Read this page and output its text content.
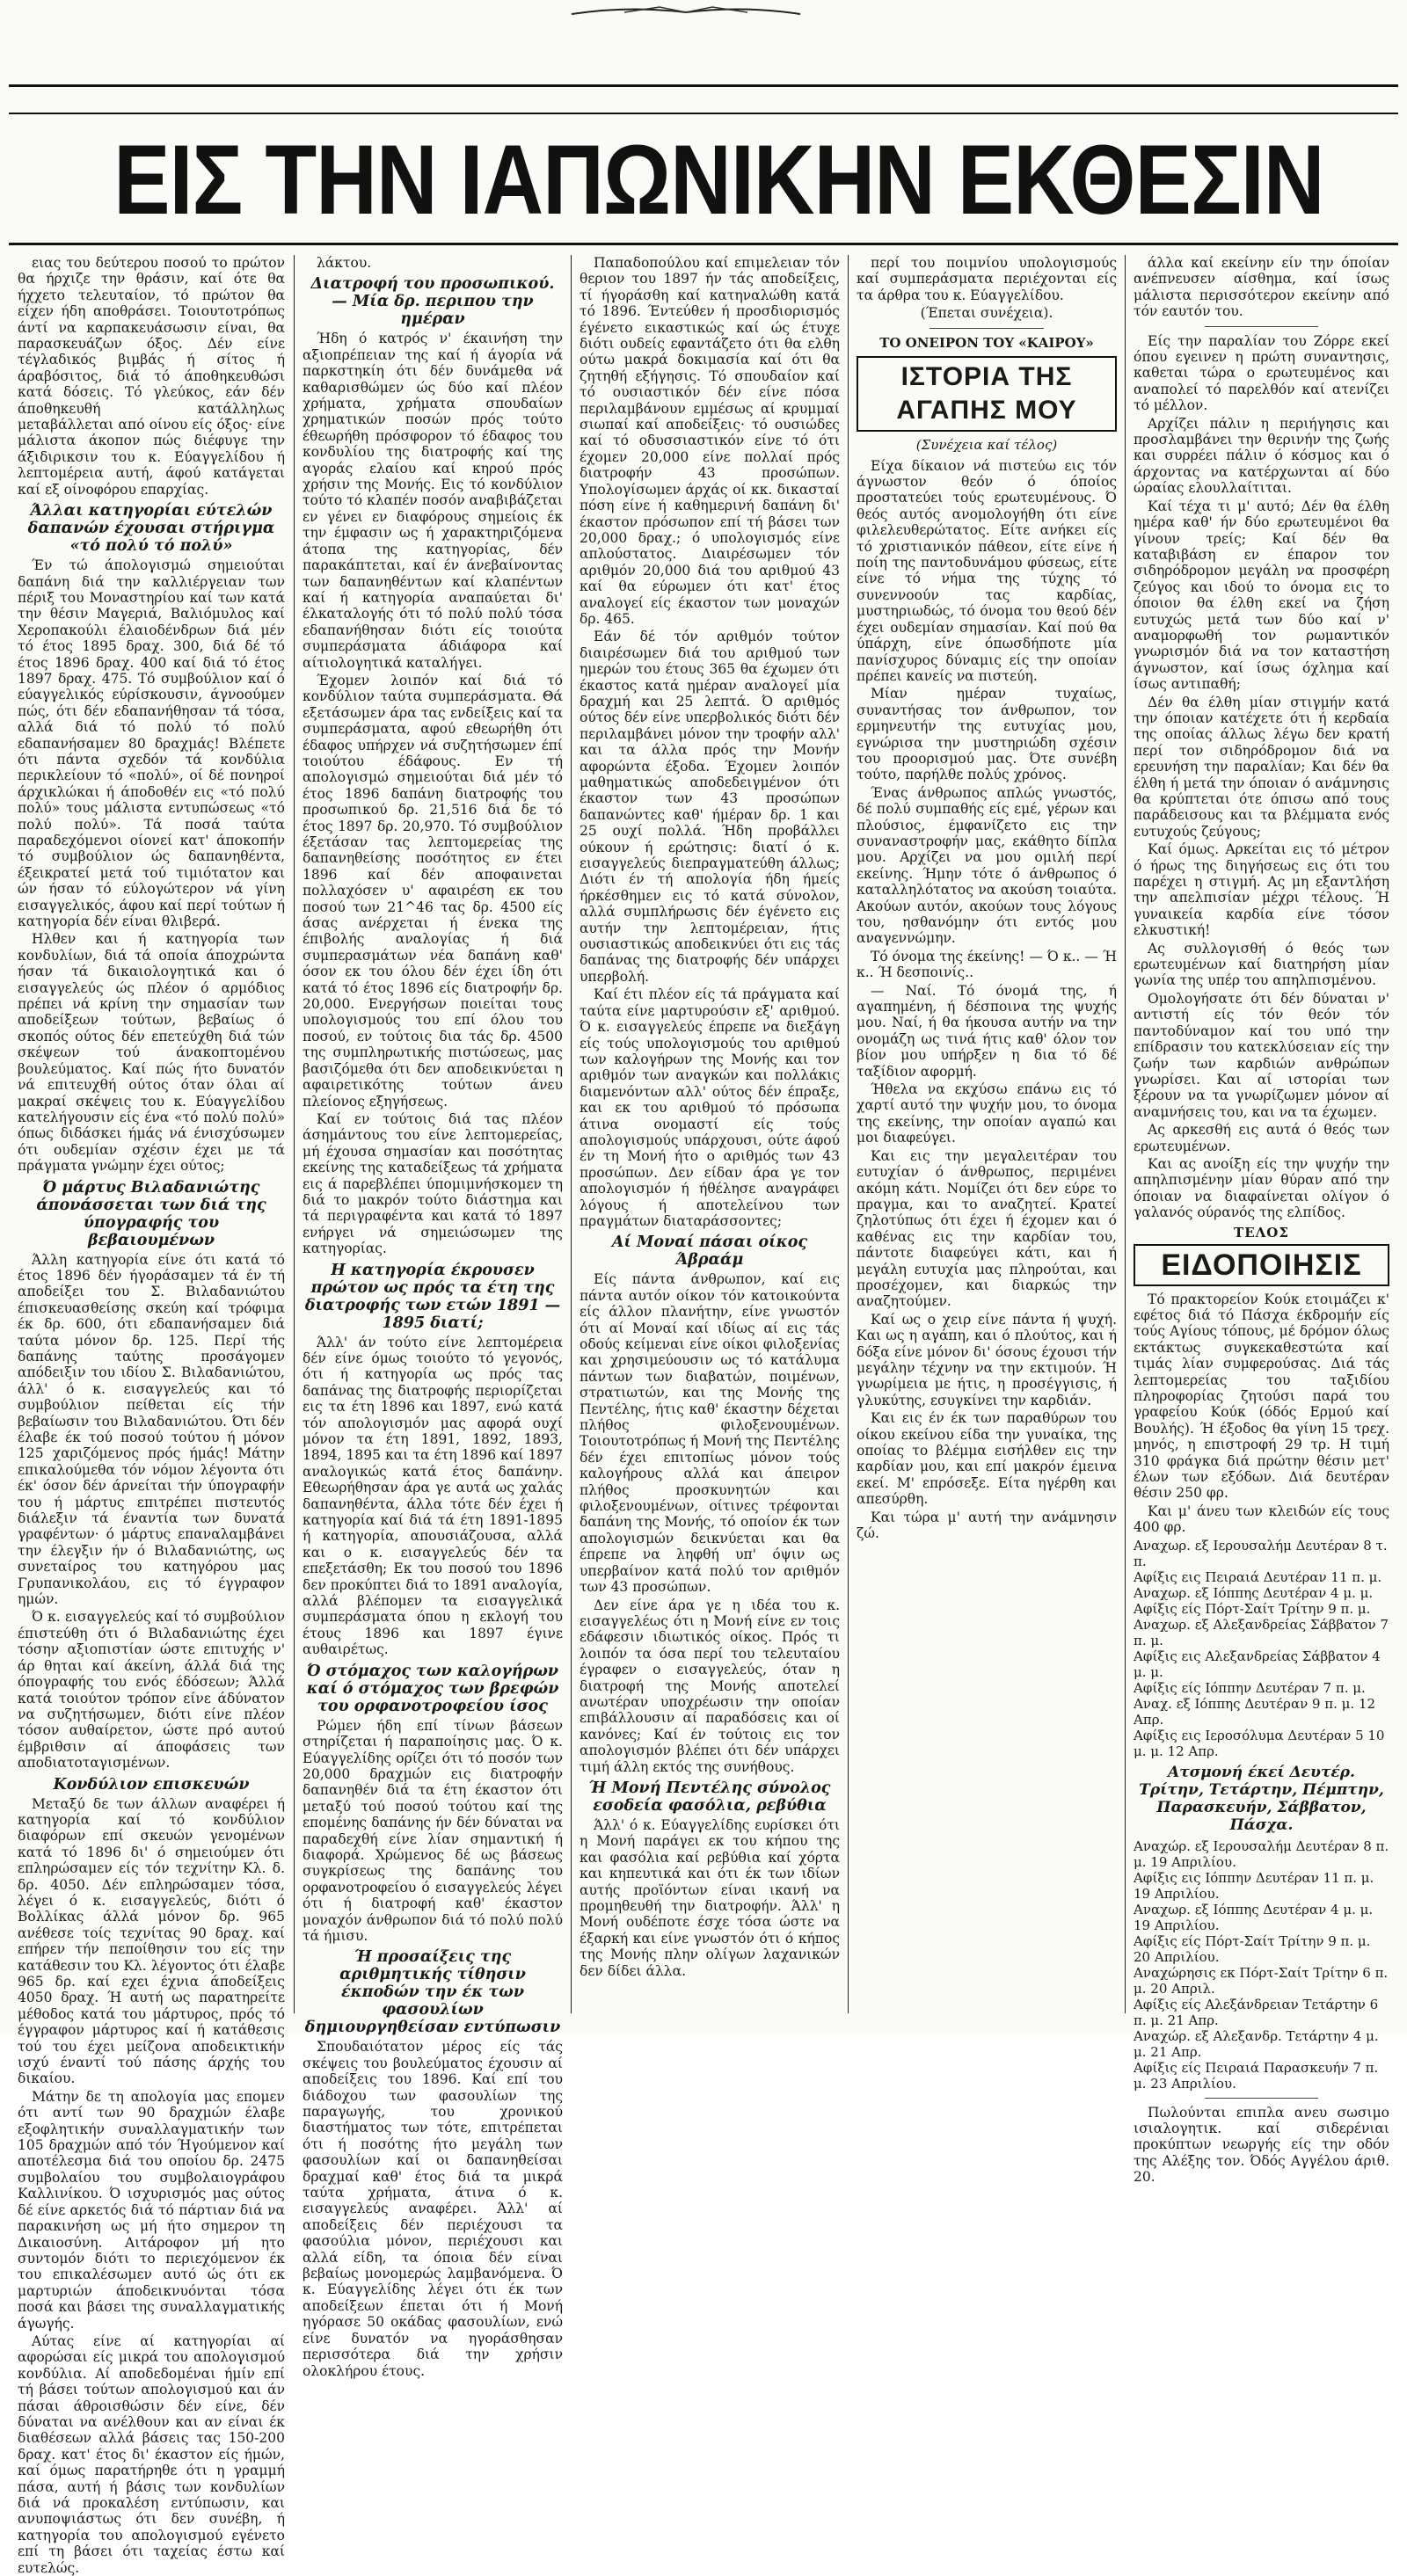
ΕΙΣ ΤΗΝ ΙΑΠΩΝΙΚΗΝ ΕΚΘΕΣΙΝ

ειας του δεύτερου ποσού το πρώτον θα ήρχιζε την θράσιν, καί ότε θα ήχχετο τελευταίον, τό πρώτον θα είχεν ήδη αποθράσει. Τοιουτοτρόπως άντί να καρπακευάσωσιν είναι, θα παρασκευάζων όξος. Δέν είνε τέγλαδικός βιμβάς ή σίτος ή άραβόσιτος, διά τό άποθηκευθώσι κατά δόσεις. Τό γλεύκος, εάν δέν άποθηκευθή κατάλληλως μεταβάλλεται από οίνου είς όξος· είνε μάλιστα άκοπον πώς διέφυγε την άξιδιρικσιν του κ. Εύαγγελίδου ή λεπτομέρεια αυτή, άφού κατάγεται καί εξ οίνοφόρου επαρχίας.

Άλλαι κατηγορίαι εύτελών δαπανών έχουσαι στήριγμα «τό πολύ τό πολύ»

Έν τώ άπολογισμώ σημειούται δαπάνη διά την καλλιέργειαν των πέριξ του Μοναστηρίου καί των κατά την θέσιν Μαγεριά, Βαλιόμυλος καί Χεροπακούλι έλαιοδένδρων διά μέν τό έτος 1895 δραχ. 300, διά δέ τό έτος 1896 δραχ. 400 καί διά τό έτος 1897 δραχ. 475. Τό συμβούλιον καί ό εύαγγελικός εύρίσκουσιν, άγνοούμεν πώς, ότι δέν εδαπανήθησαν τά τόσα, αλλά διά τό πολύ τό πολύ εδαπανήσαμεν 80 δραχμάς! Βλέπετε ότι πάντα σχεδόν τά κονδύλια περικλείουν τό «πολύ», οί δέ πονηροί άρχικλώκαι ή άποδοθέν εις «τό πολύ πολύ» τους μάλιστα εντυπώσεως «τό πολύ πολύ». Τά ποσά ταύτα παραδεχόμενοι οίονεί κατ' άποκοπήν τό συμβούλιον ώς δαπανηθέντα, έξεικρατεί μετά τού τιμιότατον και ών ήσαν τό εύλογώτερον νά γίνη εισαγγελικός, άφου καί περί τούτων ή κατηγορία δέν είναι θλιβερά.

Ηλθεν και ή κατηγορία των κονδυλίων, διά τά οποία άποχρώντα ήσαν τά δικαιολογητικά και ό εισαγγελεύς ώς πλέον ό αρμόδιος πρέπει νά κρίνη την σημασίαν των αποδείξεων τούτων, βεβαίως ό σκοπός ούτος δέν επετεύχθη διά τών σκέψεων τού άνακοπτομένου βουλεύματος. Καί πώς ήτο δυνατόν νά επιτευχθή ούτος όταν όλαι αί μακραί σκέψεις του κ. Εύαγγελίδου κατελήγουσιν είς ένα «τό πολύ πολύ» όπως διδάσκει ήμάς νά ένισχύσωμεν ότι ουδεμίαν σχέσιν έχει με τά πράγματα γνώμην έχει ούτος;

Ό μάρτυς Βιλαδανιώτης άπονάσσεται των διά της ύπογραφής του βεβαιουμένων

Άλλη κατηγορία είνε ότι κατά τό έτος 1896 δέν ήγοράσαμεν τά έν τή αποδείξει του Σ. Βιλαδανιώτου έπισκευασθείσης σκεύη καί τρόφιμα έκ δρ. 600, ότι εδαπανήσαμεν διά ταύτα μόνον δρ. 125. Περί τής δαπάνης ταύτης προσάγομεν απόδειξιν του ιδίου Σ. Βιλαδανιώτου, άλλ' ό κ. εισαγγελεύς και τό συμβούλιον πείθεται είς τήν βεβαίωσιν του Βιλαδανιώτου. Ότι δέν έλαβε έκ τού ποσού τούτου ή μόνον 125 χαριζόμενος πρός ήμάς! Μάτην επικαλούμεθα τόν νόμον λέγοντα ότι έκ' όσον δέν άρνείται τήν ύπογραφήν του ή μάρτυς επιτρέπει πιστευτός διάλεξιν τά έναντία των δυνατά γραφέντων· ό μάρτυς επαναλαμβάνει την έλεγξιν ήν ό Βιλαδανιώτης, ως συνεταίρος του κατηγόρου μας Γρυπανικολάου, εις τό έγγραφον ημών.

Ό κ. εισαγγελεύς καί τό συμβούλιον έπιστεύθη ότι ό Βιλαδανιώτης έχει τόσην αξιοπιστίαν ώστε επιτυχής ν' άρ θηται καί άκείνη, άλλά διά της όπογραφής του ενός έδόσεων; Άλλά κατά τοιούτον τρόπον είνε άδύνατον να συζητήσωμεν, διότι είνε πλέον τόσον αυθαίρετον, ώστε πρό αυτού έμβριθσιν αί άποφάσεις των αποδιατοταγισμένων.

Κονδύλιον επισκευών

Μεταξύ δε των άλλων αναφέρει ή κατηγορία καί τό κονδύλιον διαφόρων επί σκευών γενομένων κατά τό 1896 δι' ό σημειούμεν ότι επληρώσαμεν είς τόν τεχνίτην Κλ. δ. δρ. 4050. Δέν επληρώσαμεν τόσα, λέγει ό κ. εισαγγελεύς, διότι ό Βολλίκας άλλά μόνον δρ. 965 ανέθεσε τοίς τεχνίτας 90 δραχ. καί επήρεν τήν πεποίθησιν του είς την κατάθεσιν του Κλ. λέγοντος ότι έλαβε 965 δρ. καί εχει έχνια άποδείξεις 4050 δραχ. Ή αυτή ως παρατηρείτε μέθοδος κατά του μάρτυρος, πρός τό έγγραφον μάρτυρος καί ή κατάθεσις τού του έχει μείζονα αποδεικτικήν ισχύ έναντί τού πάσης άρχής του δικαίου.

Μάτην δε τη απολογία μας επομεν ότι αντί των 90 δραχμών έλαβε εξοφλητικήν συναλλαγματικήν των 105 δραχμών από τόν Ήγούμενον καί αποτέλεσμα διά του οποίου δρ. 2475 συμβολαίου του συμβολαιογράφου Καλλινίκου. Ό ισχυρισμός μας ούτος δέ είνε αρκετός διά τό πάρτιαν διά να παρακινήση ως μή ήτο σημερον τη Δικαιοσύνη. Αιτάροφον μή ητο συντομόν διότι το περιεχόμενον έκ του επικαλέσωμεν αυτό ώς ότι εκ μαρτυριών άποδεικνυόνται τόσα ποσά και βάσει της συναλλαγματικής άγωγής.

Αύτας είνε αί κατηγορίαι αί αφορώσαι είς μικρά του απολογισμού κονδύλια. Αί αποδεδομέναι ήμίν επί τή βάσει τούτων απολογισμού και άν πάσαι άθροισθώσιν δέν είνε, δέν δύναται να ανέλθουν και αν είναι έκ διαθέσεων αλλά βάσεις τας 150-200 δραχ. κατ' έτος δι' έκαστον είς ήμών, καί όμως παρατήρηθε ότι η γραμμή πάσα, αυτή ή βάσις των κονδυλίων διά νά προκαλέση εντύπωσιν, και ανυποψιάστως ότι δεν συνέβη, ή κατηγορία του απολογισμού εγένετο επί τη βάσει ότι ταχείας έστω καί ευτελώς.

λάκτου.

Διατροφή του προσωπικού. — Μία δρ. περιπου την ημέραν

Ήδη ό κατρός ν' έκαινήση την αξιοπρέπειαν της καί ή άγορία νά παρκστηκίη ότι δέν δυνάμεθα νά καθαρισθώμεν ώς δύο καί πλέον χρήματα, χρήματα σπουδαίων χρηματικών ποσών πρός τούτο έθεωρήθη πρόσφορον τό έδαφος του κονδυλίου της διατροφής καί της αγοράς ελαίου καί κηρού πρός χρήσιν της Μονής. Εις τό κονδύλιον τούτο τό κλαπέν ποσόν αναβιβάζεται εν γένει εν διαφόρους σημείοις έκ την έμφασιν ως ή χαρακτηριζόμενα άτοπα της κατηγορίας, δέν παρακάπτεται, καί έν άνεβαίνοντας των δαπανηθέντων καί κλαπέντων καί ή κατηγορία αναπαύεται δι' έλκαταλογής ότι τό πολύ πολύ τόσα εδαπανήθησαν διότι είς τοιούτα συμπεράσματα άδιάφορα καί αίτιολογητικά καταλήγει.

Έχομεν λοιπόν καί διά τό κονδύλιον ταύτα συμπεράσματα. Θά εξετάσωμεν άρα τας ενδείξεις καί τα συμπεράσματα, αφού εθεωρήθη ότι έδαφος υπήρχεν νά συζητήσωμεν έπί τοιούτου έδάφους. Εν τή απολογισμώ σημειούται διά μέν τό έτος 1896 δαπάνη διατροφής του προσωπικού δρ. 21,516 διά δε τό έτος 1897 δρ. 20,970. Τό συμβούλιον έξετάσαν τας λεπτομερείας της δαπανηθείσης ποσότητος εν έτει 1896 καί δέν αποφαινεται πολλαχόσεν υ' αφαιρέση εκ του ποσού των 21^46 τας δρ. 4500 είς άσας ανέρχεται ή ένεκα της έπιβολής αναλογίας ή διά συμπερασμάτων νέα δαπάνη καθ' όσον εκ του όλου δέν έχει ίδη ότι κατά τό έτος 1896 είς διατροφήν δρ. 20,000. Ενεργήσων ποιείται τους υπολογισμούς του επί όλου του ποσού, εν τούτοις δια τάς δρ. 4500 της συμπληρωτικής πιστώσεως, μας βασιζόμεθα ότι δεν αποδεικνύεται η αφαιρετικότης τούτων άνευ πλείονος εξηγήσεως.

Καί εν τούτοις διά τας πλέον άσημάντους του είνε λεπτομερείας, μή έχουσα σημασίαν και ποσότητας εκείνης της καταδείξεως τά χρήματα εις ά παρεβλέπει ύπομιμνήσκομεν τη διά το μακρόν τούτο διάστημα και τά περιγραφέντα και κατά τό 1897 ενήργει νά σημειώσωμεν της κατηγορίας.

Η κατηγορία έκρουσεν πρώτον ως πρός τα έτη της διατροφής των ετών 1891 — 1895 διατί;

Άλλ' άν τούτο είνε λεπτομέρεια δέν είνε όμως τοιούτο τό γεγονός, ότι ή κατηγορία ως πρός τας δαπάνας της διατροφής περιορίζεται εις τα έτη 1896 και 1897, ενώ κατά τόν απολογισμόν μας αφορά ουχί μόνον τα έτη 1891, 1892, 1893, 1894, 1895 και τα έτη 1896 καί 1897 αναλογικώς κατά έτος δαπάνην. Εθεωρήθησαν άρα γε αυτά ως χαλάς δαπανηθέντα, άλλα τότε δέν έχει ή κατηγορία καί διά τά έτη 1891-1895 ή κατηγορία, απουσιάζουσα, αλλά και ο κ. εισαγγελεύς δέν τα επεξετάσθη; Εκ του ποσού του 1896 δεν προκύπτει διά το 1891 αναλογία, αλλά βλέπομεν τα εισαγγελικά συμπεράσματα όπου η εκλογή του έτους 1896 και 1897 έγινε αυθαιρέτως.

Ό στόμαχος των καλογήρων καί ό στόμαχος των βρεφών του ορφανοτροφείου ίσος

Ρώμεν ήδη επί τίνων βάσεων στηρίζεται ή παραποίησις μας. Ό κ. Εύαγγελίδης ορίζει ότι τό ποσόν των 20,000 δραχμών εις διατροφήν δαπανηθέν διά τα έτη έκαστον ότι μεταξύ τού ποσού τούτου καί της επομένης δαπάνης ήν δέν δύναται να παραδεχθή είνε λίαν σημαντική ή διαφορά. Χρώμενος δέ ως βάσεως συγκρίσεως της δαπάνης του ορφανοτροφείου ό εισαγγελεύς λέγει ότι ή διατροφή καθ' έκαστον μοναχόν άνθρωπον διά τό πολύ πολύ τά ήμισυ.

Ή προσαίξεις της αριθμητικής τίθησιν έκποδών την έκ των φασουλίων δημιουργηθείσαν εντύπωσιν

Σπουδαιότατον μέρος είς τάς σκέψεις του βουλεύματος έχουσιν αί αποδείξεις του 1896. Καί επί του διάδοχου των φασουλίων της παραγωγής, του χρονικού διαστήματος των τότε, επιτρέπεται ότι ή ποσότης ήτο μεγάλη των φασουλίων καί οι δαπανηθείσαι δραχμαί καθ' έτος διά τα μικρά ταύτα χρήματα, άτινα ό κ. εισαγγελεύς αναφέρει. Άλλ' αί αποδείξεις δέν περιέχουσι τα φασούλια μόνον, περιέχουσι και αλλά είδη, τα όποια δέν είναι βεβαίως μονομερώς λαμβανόμενα. Ό κ. Εύαγγελίδης λέγει ότι έκ των αποδείξεων έπεται ότι ή Μονή ηγόρασε 50 οκάδας φασουλίων, ενώ είνε δυνατόν να ηγοράσθησαν περισσότερα διά την χρήσιν ολοκλήρου έτους.

Παπαδοπούλου καί επιμελειαν τόν θεριον του 1897 ήν τάς αποδείξεις, τί ήγοράσθη καί κατηναλώθη κατά τό 1896. Έντεύθεν ή προσδιορισμός έγένετο εικαστικώς καί ώς έτυχε διότι ουδείς εφαντάζετο ότι θα ελθη ούτω μακρά δοκιμασία καί ότι θα ζητηθή εξήγησις. Τό σπουδαίον καί τό ουσιαστικόν δέν είνε πόσα περιλαμβάνουν εμμέσως αί κρυμμαί σιωπαί καί αποδείξεις· τό ουσιώδες καί τό οδυσσιαστικόν είνε τό ότι έχομεν 20,000 είνε πολλαί πρός διατροφήν 43 προσώπων. Υπολογίσωμεν άρχάς οί κκ. δικασταί πόση είνε ή καθημερινή δαπάνη δι' έκαστον πρόσωπον επί τή βάσει των 20,000 δραχ.; ό υπολογισμός είνε απλούστατος. Διαιρέσωμεν τόν αριθμόν 20,000 διά του αριθμού 43 καί θα εύρωμεν ότι κατ' έτος αναλογεί είς έκαστον των μοναχών δρ. 465.

Εάν δέ τόν αριθμόν τούτον διαιρέσωμεν διά του αριθμού των ημερών του έτους 365 θα έχωμεν ότι έκαστος κατά ημέραν αναλογεί μία δραχμή και 25 λεπτά. Ό αριθμός ούτος δέν είνε υπερβολικός διότι δέν περιλαμβάνει μόνον την τροφήν αλλ' και τα άλλα πρός την Μονήν αφορώντα έξοδα. Έχομεν λοιπόν μαθηματικώς αποδεδειγμένον ότι έκαστον των 43 προσώπων δαπανώντες καθ' ήμέραν δρ. 1 και 25 ουχί πολλά. Ήδη προβάλλει ούκουν ή ερώτησις: διατί ό κ. εισαγγελεύς διεπραγματεύθη άλλως; Διότι έν τή απολογία ήδη ήμείς ήρκέσθημεν εις τό κατά σύνολον, αλλά συμπλήρωσις δέν έγένετο εις αυτήν την λεπτομέρειαν, ήτις ουσιαστικώς αποδεικνύει ότι εις τάς δαπάνας της διατροφής δέν υπάρχει υπερβολή.

Καί έτι πλέον είς τά πράγματα καί ταύτα είνε μαρτυρούσιν εξ' αριθμού. Ό κ. εισαγγελεύς έπρεπε να διεξάγη είς τούς υπολογισμούς του αριθμού των καλογήρων της Μονής και τον αριθμόν των αναγκών και πολλάκις διαμενόντων αλλ' ούτος δέν έπραξε, και εκ του αριθμού τό πρόσωπα άτινα ονομαστί είς τούς απολογισμούς υπάρχουσι, ούτε άφού έν τη Μονή ήτο ο αριθμός των 43 προσώπων. Δεν είδαν άρα γε τον απολογισμόν ή ήθέλησε αναγράφει λόγους ή αποτελείνου των πραγμάτων διαταράσσοντες;

Αί Μοναί πάσαι οίκος Άβραάμ

Είς πάντα άνθρωπον, καί εις πάντα αυτόν οίκον τόν κατοικούντα είς άλλον πλανήτην, είνε γνωστόν ότι αί Μοναί καί ιδίως αί εις τάς οδούς κείμεναι είνε οίκοι φιλοξενίας και χρησιμεύουσιν ως τό κατάλυμα πάντων των διαβατών, ποιμένων, στρατιωτών, και της Μονής της Πεντέλης, ήτις καθ' έκαστην δέχεται πλήθος φιλοξενουμένων. Τοιουτοτρόπως ή Μονή της Πεντέλης δέν έχει επιτοπίως μόνον τούς καλογήρους αλλά και άπειρον πλήθος προσκυνητών και φιλοξενουμένων, οίτινες τρέφονται δαπάνη της Μονής, τό οποίον έκ των απολογισμών δεικνύεται και θα έπρεπε να ληφθή υπ' όψιν ως υπερβαίνον κατά πολύ τον αριθμόν των 43 προσώπων.

Δεν είνε άρα γε η ιδέα του κ. εισαγγελέως ότι η Μονή είνε εν τοις εδάφεσιν ιδιωτικός οίκος. Πρός τι λοιπόν τα όσα περί του τελευταίου έγραφεν ο εισαγγελεύς, όταν η διατροφή της Μονής αποτελεί ανωτέραν υποχρέωσιν την οποίαν επιβάλλουσιν αί παραδόσεις και οί κανόνες; Καί έν τούτοις εις τον απολογισμόν βλέπει ότι δέν υπάρχει τιμή άλλη εκτός της συνήθους.

Ή Μονή Πεντέλης σύνολος εσοδεία φασόλια, ρεβύθια

Άλλ' ό κ. Εύαγγελίδης ευρίσκει ότι η Μονή παράγει εκ του κήπου της και φασόλια καί ρεβύθια καί χόρτα και κηπευτικά και ότι έκ των ιδίων αυτής προϊόντων είναι ικανή να προμηθευθή την διατροφήν. Άλλ' η Μονή ουδέποτε έσχε τόσα ώστε να έξαρκή και είνε γνωστόν ότι ό κήπος της Μονής πλην ολίγων λαχανικών δεν δίδει άλλα.

περί του ποιμνίου υπολογισμούς καί συμπεράσματα περιέχονται είς τα άρθρα του κ. Εύαγγελίδου.

(Έπεται συνέχεια).

ΤΟ ΟΝΕΙΡΟΝ ΤΟΥ «ΚΑΙΡΟΥ»
ΙΣΤΟΡΙΑ ΤΗΣ ΑΓΑΠΗΣ ΜΟΥ
(Συνέχεια καί τέλος)

Είχα δίκαιον νά πιστεύω εις τόν άγνωστον θεόν ό όποίος προστατεύει τούς ερωτευμένους. Ό θεός αυτός ανομολογήθη ότι είνε φιλελευθερώτατος. Είτε ανήκει είς τό χριστιανικόν πάθεον, είτε είνε ή ποίη της παντοδυνάμου φύσεως, είτε είνε τό νήμα της τύχης τό συνεννοούν τας καρδίας, μυστηριωδώς, τό όνομα του θεού δέν έχει ουδεμίαν σημασίαν. Καί πού θα ύπάρχη, είνε όπωσδήποτε μία πανίσχυρος δύναμις είς την οποίαν πρέπει κανείς να πιστεύη.

Μίαν ημέραν τυχαίως, συναντήσας τον άνθρωπον, τον ερμηνευτήν της ευτυχίας μου, εγνώρισα την μυστηριώδη σχέσιν του προορισμού μας. Ότε συνέβη τούτο, παρήλθε πολύς χρόνος.

Ένας άνθρωπος απλώς γνωστός, δέ πολύ συμπαθής είς εμέ, γέρων και πλούσιος, έμφανίζετο εις την συναναστροφήν μας, εκάθητο δίπλα μου. Αρχίζει να μου ομιλή περί εκείνης. Ήμην τότε ό άνθρωπος ό καταλληλότατος να ακούση τοιαύτα. Ακούων αυτόν, ακούων τους λόγους του, ησθανόμην ότι εντός μου αναγεννώμην.

Τό όνομα της έκείνης! — Ό κ.. — Ή κ.. Ή δεσποινίς..

— Ναί. Τό όνομά της, ή αγαπημένη, ή δέσποινα της ψυχής μου. Ναί, ή θα ήκουσα αυτήν να την ονομάζη ως τινά ήτις καθ' όλον τον βίον μου υπήρξεν η δια τό δέ ταξίδιον αφορμή.

Ήθελα να εκχύσω επάνω εις τό χαρτί αυτό την ψυχήν μου, το όνομα της εκείνης, την οποίαν αγαπώ και μοι διαφεύγει.

Και εις την μεγαλειτέραν του ευτυχίαν ό άνθρωπος, περιμένει ακόμη κάτι. Νομίζει ότι δεν εύρε το πραγμα, και το αναζητεί. Κρατεί ζηλοτύπως ότι έχει ή έχομεν και ό καθένας εις την καρδίαν του, πάντοτε διαφεύγει κάτι, και ή μεγάλη ευτυχία μας πληρούται, και προσέχομεν, και διαρκώς την αναζητούμεν.

Καί ως ο χειρ είνε πάντα ή ψυχή. Και ως η αγάπη, και ό πλούτος, και ή δόξα είνε μόνον δι' όσους έχουσι τήν μεγάλην τέχνην να την εκτιμούν. Ή γνωρίμεια με ήτις, η προσέγγισις, ή γλυκύτης, εσυγκίνει την καρδιάν.

Και εις έν έκ των παραθύρων του οίκου εκείνου είδα την γυναίκα, της οποίας το βλέμμα εισήλθεν εις την καρδίαν μου, και επί μακρόν έμεινα εκεί. Μ' επρόσεξε. Είτα ηγέρθη και απεσύρθη.

Και τώρα μ' αυτή την ανάμνησιν ζώ.

άλλα καί εκείνην είν την όποίαν ανέπνευσεν αίσθημα, καί ίσως μάλιστα περισσότερον εκείνην από τόν εαυτόν του.

Είς την παραλίαν του Ζόρρε εκεί όπου εγεινεν η πρώτη συναντησις, καθεται τώρα ο ερωτευμένος και αναπολεί τό παρελθόν καί ατενίζει τό μέλλον.

Αρχίζει πάλιν η περιήγησις και προσλαμβάνει την θερινήν της ζωής και συρρέει πάλιν ό κόσμος και ό άρχοντας να κατέρχωνται αί δύο ώραίας ελουλλαίτιται.

Καί τέχα τι μ' αυτό; Δέν θα έλθη ημέρα καθ' ήν δύο ερωτευμένοι θα γίνουν τρείς; Καί δέν θα καταβιβάση εν έπαρον τον σιδηρόδρομον μεγάλη να προσφέρη ζεύγος και ιδού το όνομα εις το όποιον θα έλθη εκεί να ζήση ευτυχώς μετά των δύο καί ν' αναμορφωθή τον ρωμαντικόν γνωρισμόν διά να τον καταστήση άγνωστον, καί ίσως όχλημα καί ίσως αντιπαθή;

Δέν θα έλθη μίαν στιγμήν κατά την όποιαν κατέχετε ότι ή κερδαία της οποίας άλλως λέγω δεν κρατή περί τον σιδηρόδρομον διά να ερευνήση την παραλίαν; Και δέν θα έλθη ή μετά την όποιαν ό ανάμνησις θα κρύπτεται ότε όπισω από τους παράδεισους και τα βλέμματα ενός ευτυχούς ζεύγους;

Καί όμως. Αρκείται εις τό μέτρον ό ήρως της διηγήσεως εις ότι του παρέχει η στιγμή. Ας μη εξαντλήση την απελπισίαν μέχρι τέλους. Ή γυναικεία καρδία είνε τόσον ελκυστική!

Ας συλλογισθή ό θεός των ερωτευμένων καί διατηρήση μίαν γωνία της υπέρ του απηλπισμένου.

Ομολογήσατε ότι δέν δύναται ν' αντιστή είς τόν θεόν τόν παντοδύναμον καί του υπό την επίδρασιν του κατεκλύσειαν είς την ζωήν των καρδιών ανθρώπων γνωρίσει. Και αί ιστορίαι των ξέρουν να τα γνωρίζωμεν μόνον αί αναμνήσεις του, και να τα έχωμεν.

Ας αρκεσθή εις αυτά ό θεός των ερωτευμένων.

Και ας ανοίξη είς την ψυχήν την απηλπισμένην μίαν θύραν από την όποιαν να διαφαίνεται ολίγον ό γαλανός ούρανός της ελπίδος.

ΤΕΛΟΣ
ΕΙΔΟΠΟΙΗΣΙΣ

Τό πρακτορείον Κούκ ετοιμάζει κ' εφέτος διά τό Πάσχα έκδρομήν είς τούς Αγίους τόπους, μέ δρόμον όλως εκτάκτως συγκεκαθεστώτα καί τιμάς λίαν συμφερούσας. Διά τάς λεπτομερείας του ταξιδίου πληροφορίας ζητούσι παρά του γραφείου Κούκ (όδός Ερμού καί Βουλής). Ή έξοδος θα γίνη 15 τρεχ. μηνός, η επιστροφή 29 τρ. Η τιμή 310 φράγκα διά πρώτην θέσιν μετ' έλων των εξόδων. Διά δευτέραν θέσιν 250 φρ.

Και μ' άνευ των κλειδών είς τους 400 φρ.

Αναχωρ. εξ Ιερουσαλήμ Δευτέραν 8 τ. π.
Αφίξις εις Πειραιά Δευτέραν 11 π. μ.
Αναχωρ. εξ Ιόππης Δευτέραν 4 μ. μ.
Αφίξις είς Πόρτ-Σαίτ Τρίτην 9 π. μ.
Αναχωρ. εξ Αλεξανδρείας Σάββατον 7 π. μ.
Αφίξις εις Αλεξανδρείας Σάββατον 4 μ. μ.
Αφίξις είς Ιόππην Δευτέραν 7 π. μ.
Αναχ. εξ Ιόππης Δευτέραν 9 π. μ. 12 Απρ.
Αφίξις εις Ιεροσόλυμα Δευτέραν 5 10 μ. μ. 12 Απρ.
Ατσμονή έκεί Δευτέρ. Τρίτην, Τετάρτην, Πέμπτην, Παρασκευήν, Σάββατον, Πάσχα.
Αναχώρ. εξ Ιερουσαλήμ Δευτέραν 8 π. μ. 19 Απριλίου.
Αφίξις εις Ιόππην Δευτέραν 11 π. μ. 19 Απριλίου.
Αναχωρ. εξ Ιόππης Δευτέραν 4 μ. μ. 19 Απριλίου.
Αφίξις είς Πόρτ-Σαίτ Τρίτην 9 π. μ. 20 Απριλίου.
Αναχώρησις εκ Πόρτ-Σαίτ Τρίτην 6 π. μ. 20 Απριλ.
Αφίξις είς Αλεξάνδρειαν Τετάρτην 6 π. μ. 21 Απρ.
Αναχώρ. εξ Αλεξανδρ. Τετάρτην 4 μ. μ. 21 Απρ.
Αφίξις είς Πειραιά Παρασκευήν 7 π. μ. 23 Απριλίου.

Πωλούνται επιπλα ανευ σωσιμο ισιαλογητικ. καί σιδερένιαι προκύπτων νεωργής είς την οδόν της Αλέξης τον. Όδός Αγγέλου άριθ. 20.
